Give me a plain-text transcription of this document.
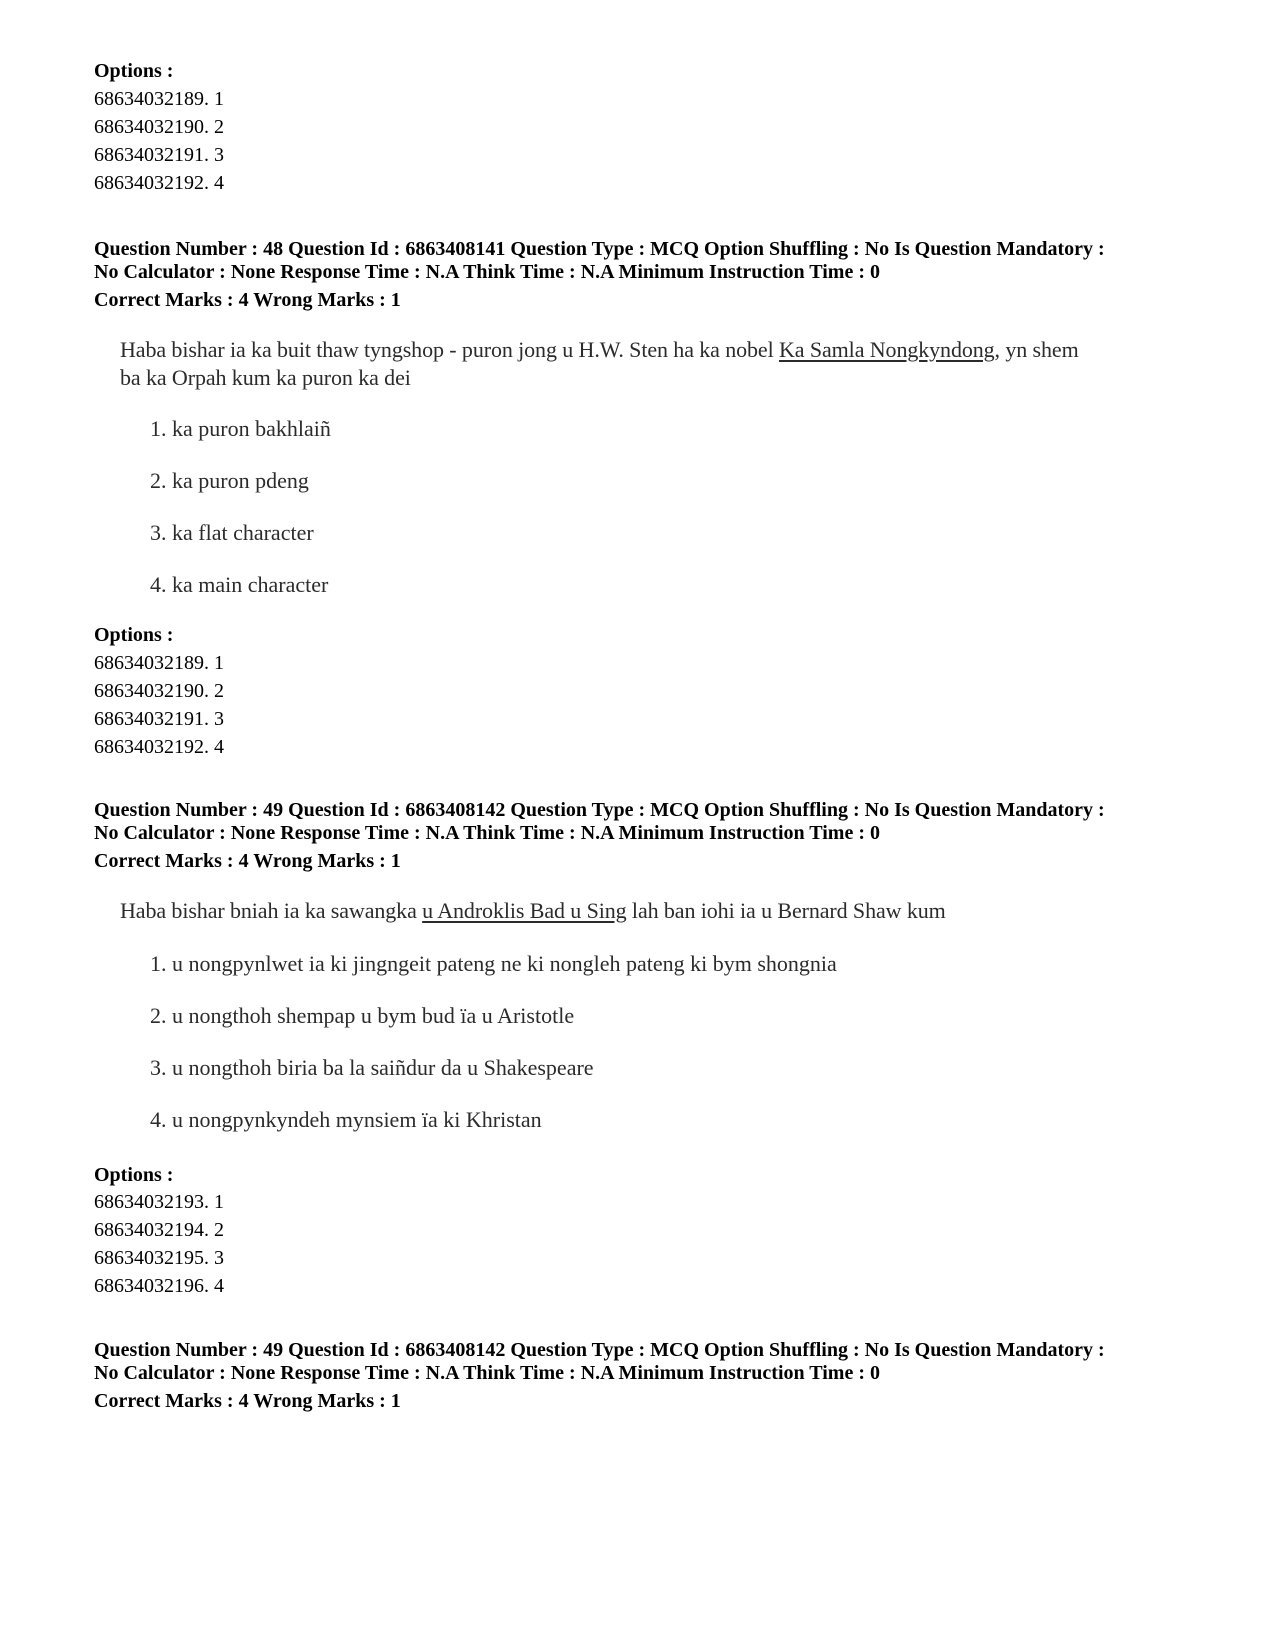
Options :
68634032189. 1
68634032190. 2
68634032191. 3
68634032192. 4
Question Number : 48 Question Id : 6863408141 Question Type : MCQ Option Shuffling : No Is Question Mandatory :
No Calculator : None Response Time : N.A Think Time : N.A Minimum Instruction Time : 0
Correct Marks : 4 Wrong Marks : 1
Haba bishar ia ka buit thaw tyngshop - puron jong u H.W. Sten ha ka nobel Ka Samla Nongkyndong, yn shem
ba ka Orpah kum ka puron ka dei
1. ka puron bakhlaiñ
2. ka puron pdeng
3. ka flat character
4. ka main character
Options :
68634032189. 1
68634032190. 2
68634032191. 3
68634032192. 4
Question Number : 49 Question Id : 6863408142 Question Type : MCQ Option Shuffling : No Is Question Mandatory :
No Calculator : None Response Time : N.A Think Time : N.A Minimum Instruction Time : 0
Correct Marks : 4 Wrong Marks : 1
Haba bishar bniah ia ka sawangka u Androklis Bad u Sing lah ban iohi ia u Bernard Shaw kum
1. u nongpynlwet ia ki jingngeit pateng ne ki nongleh pateng ki bym shongnia
2. u nongthoh shempap u bym bud ïa u Aristotle
3. u nongthoh biria ba la saiñdur da u Shakespeare
4. u nongpynkyndeh mynsiem ïa ki Khristan
Options :
68634032193. 1
68634032194. 2
68634032195. 3
68634032196. 4
Question Number : 49 Question Id : 6863408142 Question Type : MCQ Option Shuffling : No Is Question Mandatory :
No Calculator : None Response Time : N.A Think Time : N.A Minimum Instruction Time : 0
Correct Marks : 4 Wrong Marks : 1
